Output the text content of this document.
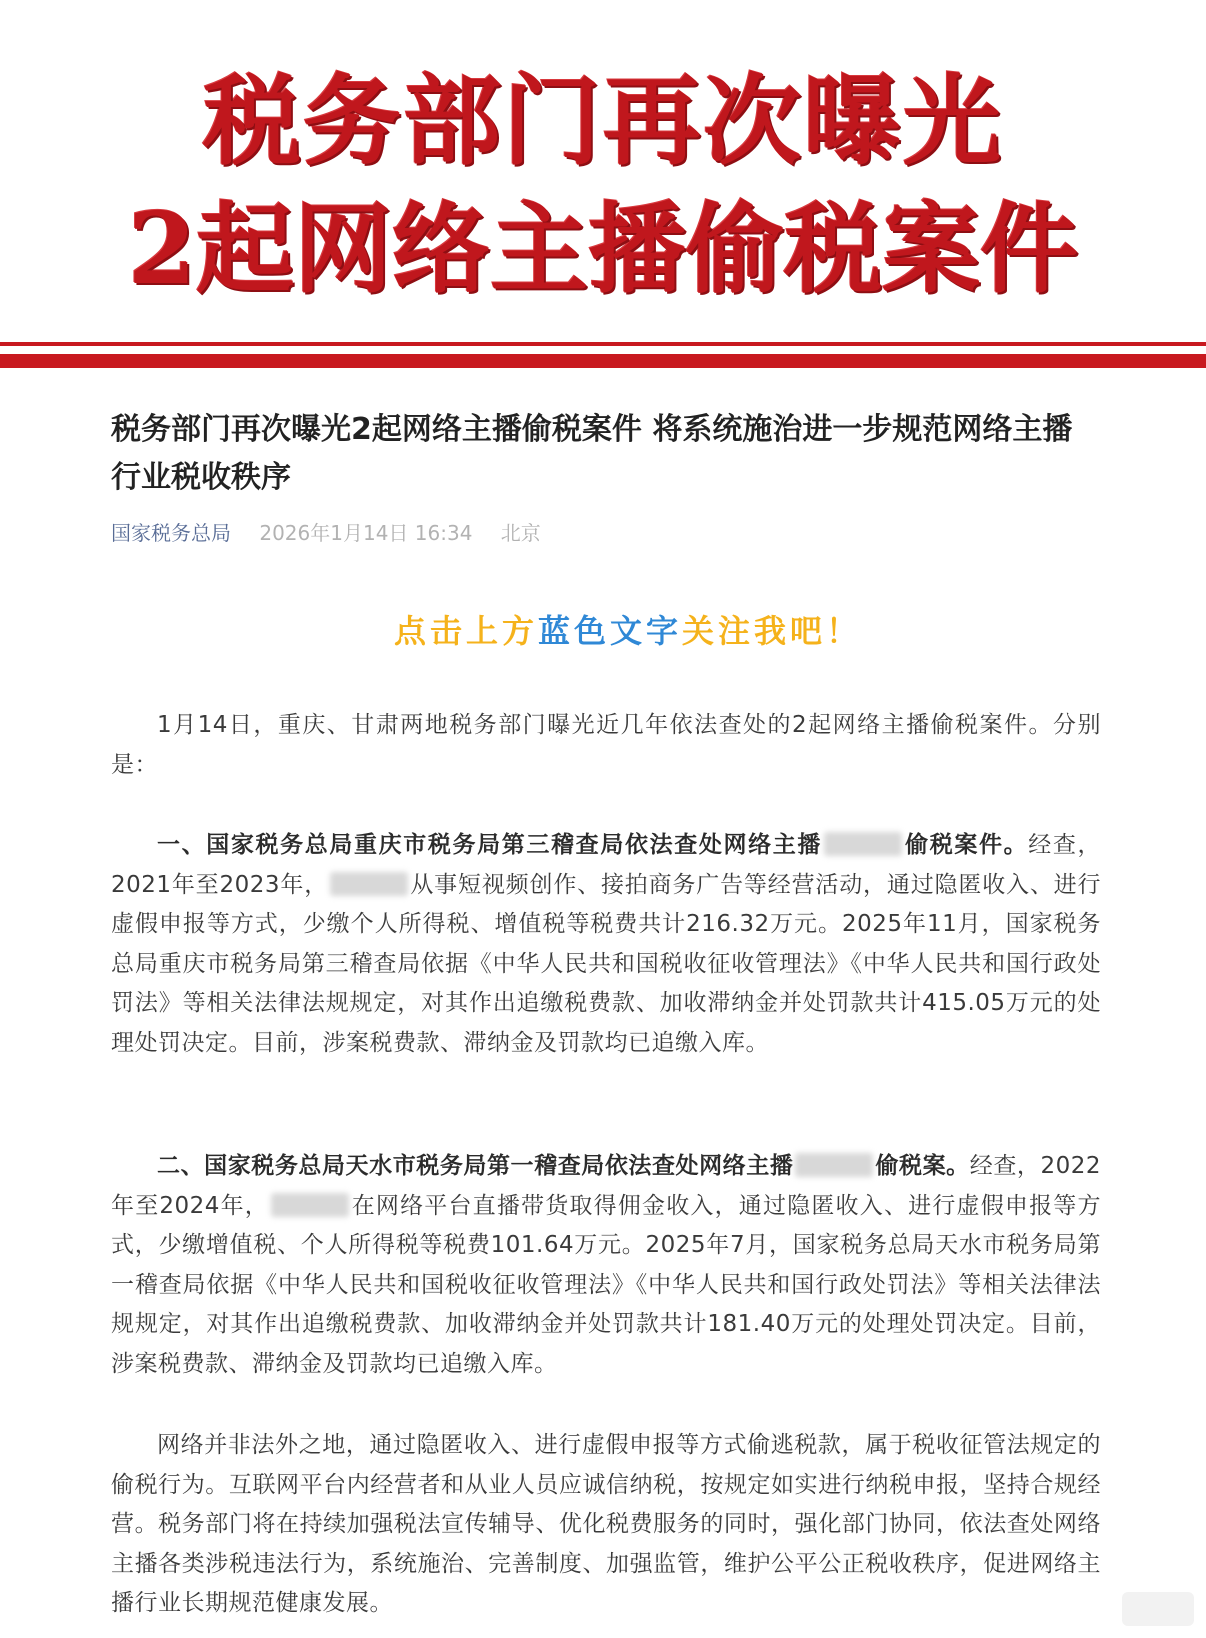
税务部门再次曝光
2起网络主播偷税案件
税务部门再次曝光2起网络主播偷税案件 将系统施治进一步规范网络主播行业税收秩序
国家税务总局 2026年1月14日 16:34 北京
点击上方蓝色文字关注我吧！

1月14日，重庆、甘肃两地税务部门曝光近几年依法查处的2起网络主播偷税案件。分别是：

一、国家税务总局重庆市税务局第三稽查局依法查处网络主播	偷税案件。经查，2021年至2023年，	从事短视频创作、接拍商务广告等经营活动，通过隐匿收入、进行虚假申报等方式，少缴个人所得税、增值税等税费共计216.32万元。2025年11月，国家税务总局重庆市税务局第三稽查局依据《中华人民共和国税收征收管理法》《中华人民共和国行政处罚法》等相关法律法规规定，对其作出追缴税费款、加收滞纳金并处罚款共计415.05万元的处理处罚决定。目前，涉案税费款、滞纳金及罚款均已追缴入库。

二、国家税务总局天水市税务局第一稽查局依法查处网络主播	偷税案。经查，2022年至2024年，	在网络平台直播带货取得佣金收入，通过隐匿收入、进行虚假申报等方式，少缴增值税、个人所得税等税费101.64万元。2025年7月，国家税务总局天水市税务局第一稽查局依据《中华人民共和国税收征收管理法》《中华人民共和国行政处罚法》等相关法律法规规定，对其作出追缴税费款、加收滞纳金并处罚款共计181.40万元的处理处罚决定。目前，涉案税费款、滞纳金及罚款均已追缴入库。

网络并非法外之地，通过隐匿收入、进行虚假申报等方式偷逃税款，属于税收征管法规定的偷税行为。互联网平台内经营者和从业人员应诚信纳税，按规定如实进行纳税申报，坚持合规经营。税务部门将在持续加强税法宣传辅导、优化税费服务的同时，强化部门协同，依法查处网络主播各类涉税违法行为，系统施治、完善制度、加强监管，维护公平公正税收秩序，促进网络主播行业长期规范健康发展。
